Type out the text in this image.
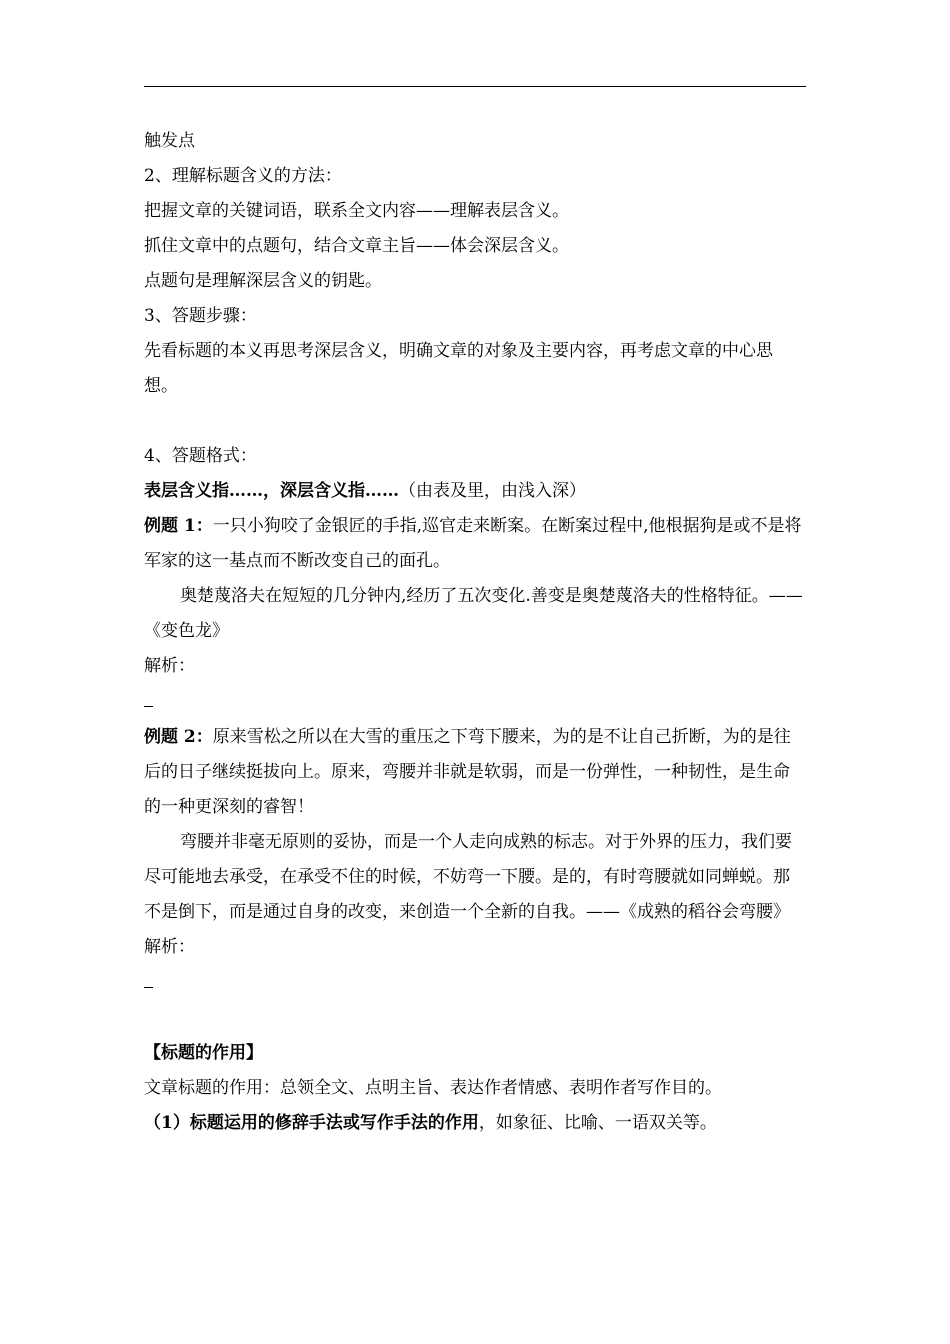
触发点

2、理解标题含义的方法：

把握文章的关键词语，联系全文内容——理解表层含义。

抓住文章中的点题句，结合文章主旨——体会深层含义。

点题句是理解深层含义的钥匙。

3、答题步骤：

先看标题的本义再思考深层含义，明确文章的对象及主要内容，再考虑文章的中心思想。

4、答题格式：

表层含义指……，深层含义指……（由表及里，由浅入深）

例题 1：一只小狗咬了金银匠的手指,巡官走来断案。在断案过程中,他根据狗是或不是将军家的这一基点而不断改变自己的面孔。

奥楚蔑洛夫在短短的几分钟内,经历了五次变化.善变是奥楚蔑洛夫的性格特征。——《变色龙》

解析：

例题 2：原来雪松之所以在大雪的重压之下弯下腰来，为的是不让自己折断，为的是往后的日子继续挺拔向上。原来，弯腰并非就是软弱，而是一份弹性，一种韧性，是生命的一种更深刻的睿智！

弯腰并非毫无原则的妥协，而是一个人走向成熟的标志。对于外界的压力，我们要尽可能地去承受，在承受不住的时候，不妨弯一下腰。是的，有时弯腰就如同蝉蜕。那不是倒下，而是通过自身的改变，来创造一个全新的自我。——《成熟的稻谷会弯腰》

解析：

【标题的作用】

文章标题的作用：总领全文、点明主旨、表达作者情感、表明作者写作目的。

（1）标题运用的修辞手法或写作手法的作用，如象征、比喻、一语双关等。
